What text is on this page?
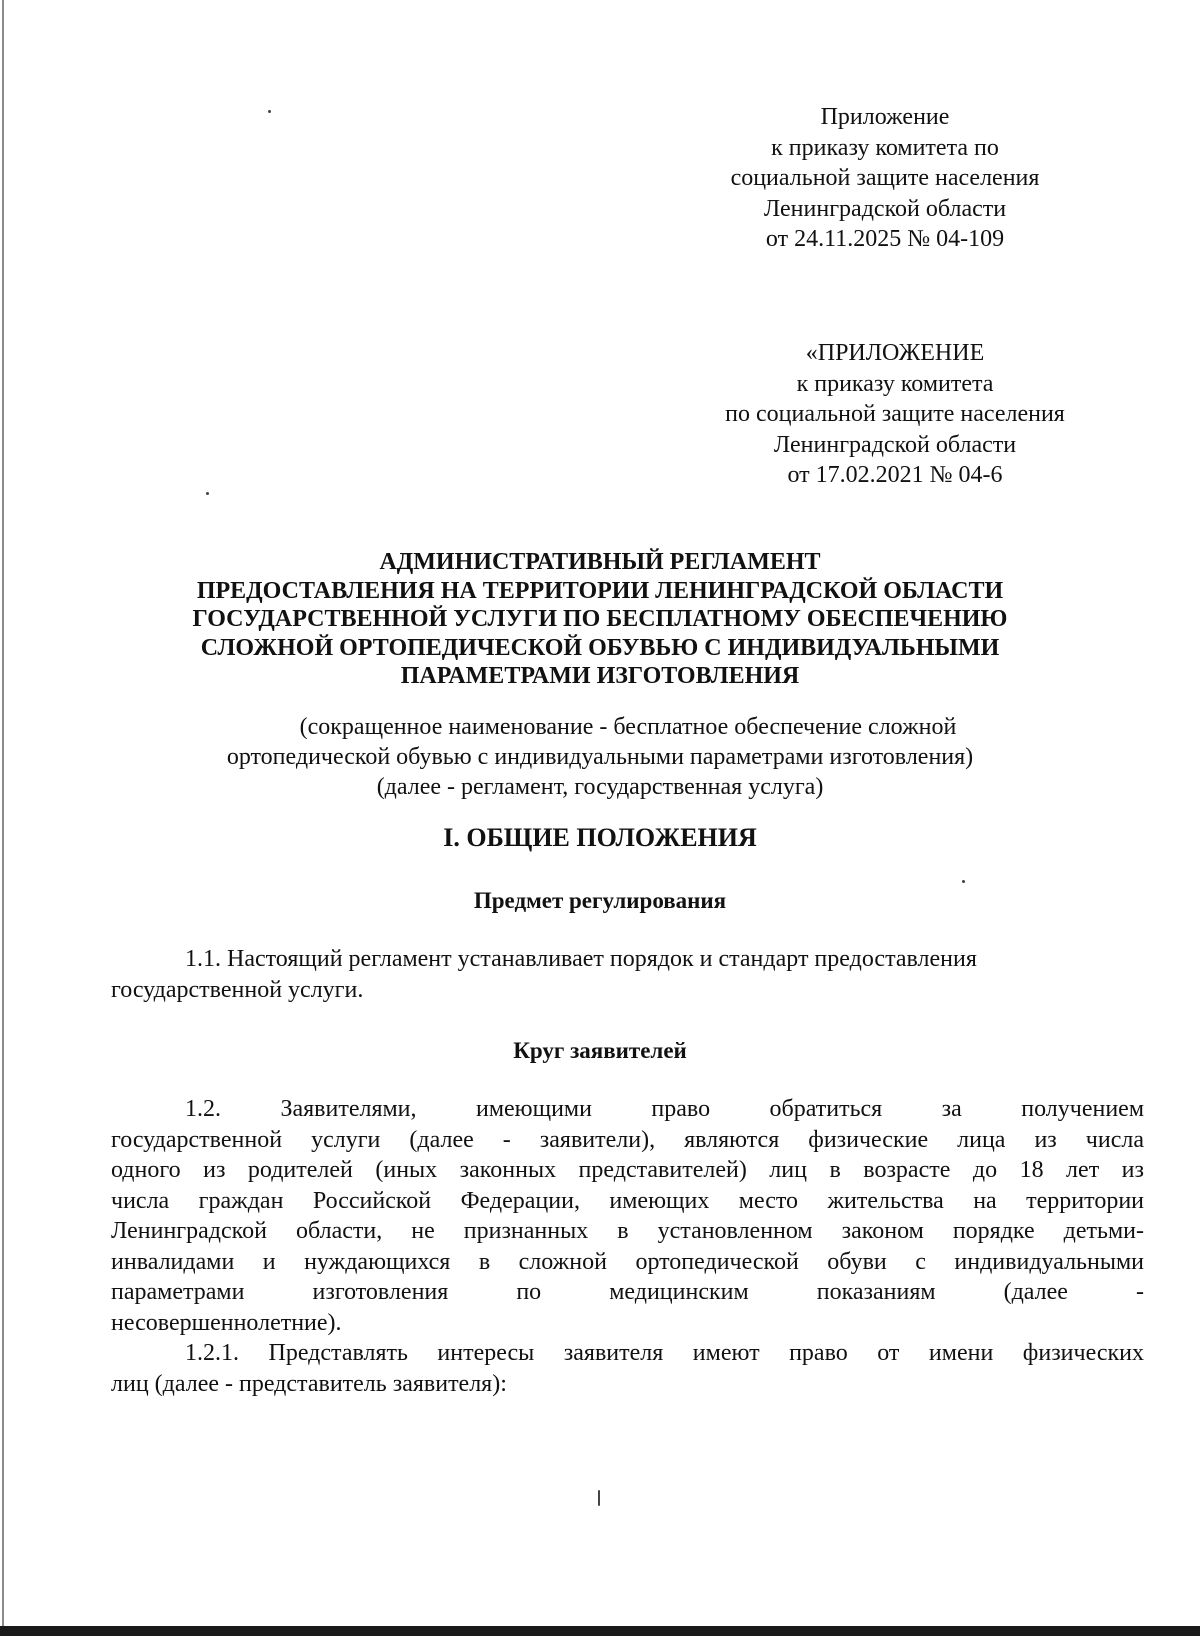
Приложение
к приказу комитета по
социальной защите населения
Ленинградской области
от 24.11.2025 № 04-109
«ПРИЛОЖЕНИЕ
к приказу комитета
по социальной защите населения
Ленинградской области
от 17.02.2021 № 04-6
АДМИНИСТРАТИВНЫЙ РЕГЛАМЕНТ
ПРЕДОСТАВЛЕНИЯ НА ТЕРРИТОРИИ ЛЕНИНГРАДСКОЙ ОБЛАСТИ
ГОСУДАРСТВЕННОЙ УСЛУГИ ПО БЕСПЛАТНОМУ ОБЕСПЕЧЕНИЮ
СЛОЖНОЙ ОРТОПЕДИЧЕСКОЙ ОБУВЬЮ С ИНДИВИДУАЛЬНЫМИ
ПАРАМЕТРАМИ ИЗГОТОВЛЕНИЯ
(сокращенное наименование - бесплатное обеспечение сложной
ортопедической обувью с индивидуальными параметрами изготовления)
(далее - регламент, государственная услуга)
I. ОБЩИЕ ПОЛОЖЕНИЯ
Предмет регулирования
1.1. Настоящий регламент устанавливает порядок и стандарт предоставления
государственной услуги.
Круг заявителей
1.2. Заявителями, имеющими право обратиться за получением
государственной услуги (далее - заявители), являются физические лица из числа
одного из родителей (иных законных представителей) лиц в возрасте до 18 лет из
числа граждан Российской Федерации, имеющих место жительства на территории
Ленинградской области, не признанных в установленном законом порядке детьми-
инвалидами и нуждающихся в сложной ортопедической обуви с индивидуальными
параметрами изготовления по медицинским показаниям (далее -
несовершеннолетние).
1.2.1. Представлять интересы заявителя имеют право от имени физических
лиц (далее - представитель заявителя):
